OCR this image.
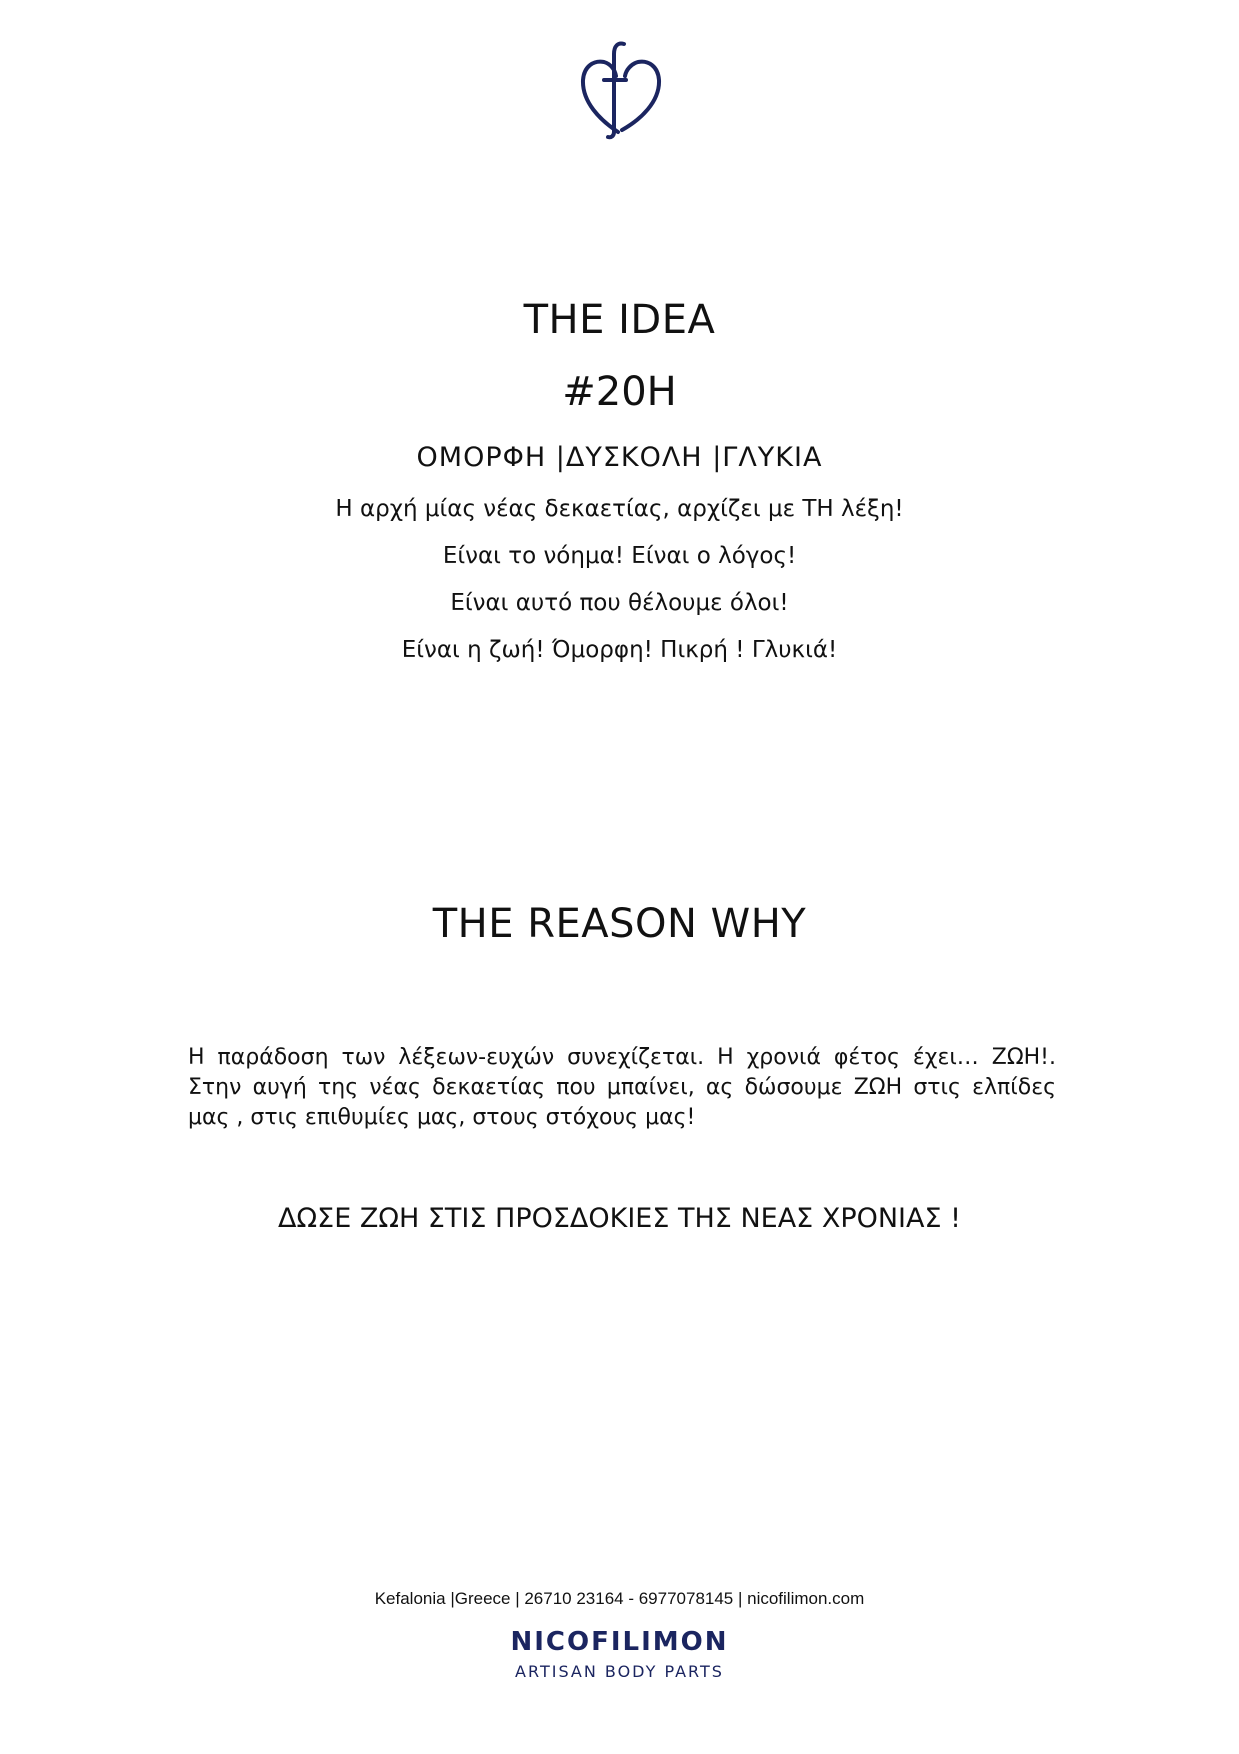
THE IDEA
#20Η
ΟΜΟΡΦΗ |ΔΥΣΚΟΛΗ |ΓΛΥΚΙΑ
Η αρχή μίας νέας δεκαετίας, αρχίζει με ΤΗ λέξη!
Είναι το νόημα! Είναι ο λόγος!
Είναι αυτό που θέλουμε όλοι!
Είναι η ζωή! Όμορφη! Πικρή ! Γλυκιά!
THE REASON WHY
Η παράδοση των λέξεων-ευχών συνεχίζεται. Η χρονιά φέτος έχει… ΖΩΗ!. Στην αυγή της νέας δεκαετίας που μπαίνει, ας δώσουμε ΖΩΗ στις ελπίδες μας , στις επιθυμίες μας, στους στόχους μας!
ΔΩΣΕ ΖΩΗ ΣΤΙΣ ΠΡΟΣΔΟΚΙΕΣ ΤΗΣ ΝΕΑΣ ΧΡΟΝΙΑΣ !
Kefalonia |Greece | 26710 23164 - 6977078145 | nicofilimon.com
NICOFILIMON
ARTISAN BODY PARTS
